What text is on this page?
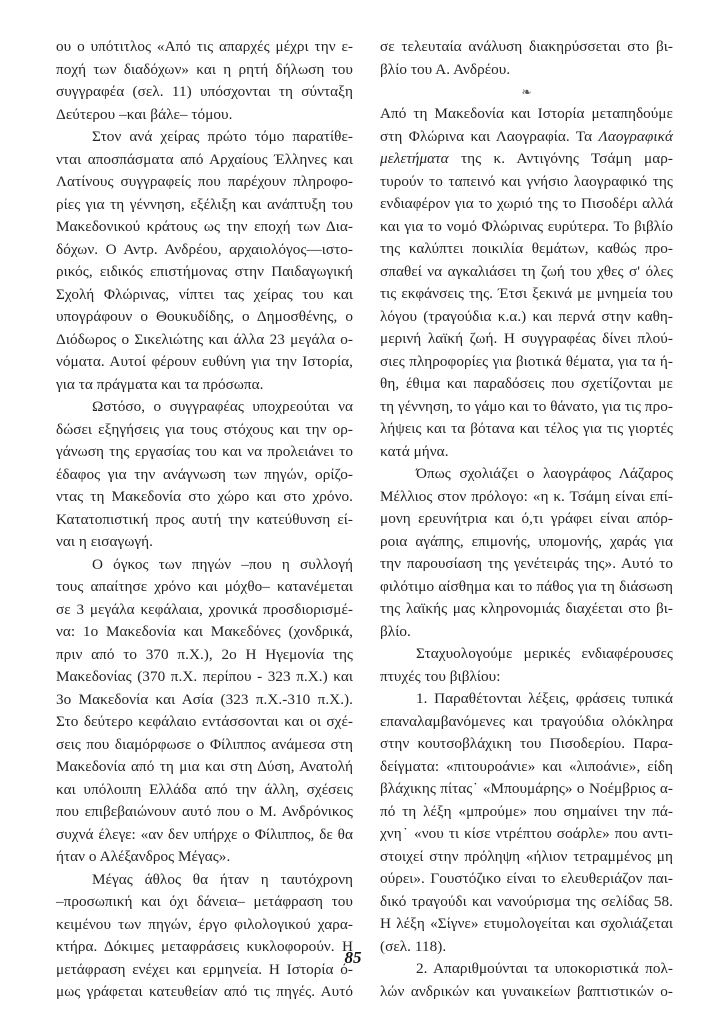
ου ο υπότιτλος «Από τις απαρχές μέχρι την ε-
ποχή των διαδόχων» και η ρητή δήλωση του
συγγραφέα (σελ. 11) υπόσχονται τη σύνταξη
Δεύτερου –και βάλε– τόμου.
Στον ανά χείρας πρώτο τόμο παρατίθε-
νται αποσπάσματα από Αρχαίους Έλληνες και
Λατίνους συγγραφείς που παρέχουν πληροφο-
ρίες για τη γέννηση, εξέλιξη και ανάπτυξη του
Μακεδονικού κράτους ως την εποχή των Δια-
δόχων. Ο Αντρ. Ανδρέου, αρχαιολόγος—ιστο-
ρικός, ειδικός επιστήμονας στην Παιδαγωγική
Σχολή Φλώρινας, νίπτει τας χείρας του και
υπογράφουν ο Θουκυδίδης, ο Δημοσθένης, ο
Διόδωρος ο Σικελιώτης και άλλα 23 μεγάλα ο-
νόματα. Αυτοί φέρουν ευθύνη για την Ιστορία,
για τα πράγματα και τα πρόσωπα.
Ωστόσο, ο συγγραφέας υποχρεούται να
δώσει εξηγήσεις για τους στόχους και την ορ-
γάνωση της εργασίας του και να προλειάνει το
έδαφος για την ανάγνωση των πηγών, ορίζο-
ντας τη Μακεδονία στο χώρο και στο χρόνο.
Κατατοπιστική προς αυτή την κατεύθυνση εί-
ναι η εισαγωγή.
Ο όγκος των πηγών –που η συλλογή
τους απαίτησε χρόνο και μόχθο– κατανέμεται
σε 3 μεγάλα κεφάλαια, χρονικά προσδιορισμέ-
να: 1ο Μακεδονία και Μακεδόνες (χονδρικά,
πριν από το 370 π.Χ.), 2ο Η Ηγεμονία της
Μακεδονίας (370 π.Χ. περίπου - 323 π.Χ.) και
3ο Μακεδονία και Ασία (323 π.Χ.-310 π.Χ.).
Στο δεύτερο κεφάλαιο εντάσσονται και οι σχέ-
σεις που διαμόρφωσε ο Φίλιππος ανάμεσα στη
Μακεδονία από τη μια και στη Δύση, Ανατολή
και υπόλοιπη Ελλάδα από την άλλη, σχέσεις
που επιβεβαιώνουν αυτό που ο Μ. Ανδρόνικος
συχνά έλεγε: «αν δεν υπήρχε ο Φίλιππος, δε θα
ήταν ο Αλέξανδρος Μέγας».
Μέγας άθλος θα ήταν η ταυτόχρονη
–προσωπική και όχι δάνεια– μετάφραση του
κειμένου των πηγών, έργο φιλολογικού χαρα-
κτήρα. Δόκιμες μεταφράσεις κυκλοφορούν. Η
μετάφραση ενέχει και ερμηνεία. Η Ιστορία ό-
μως γράφεται κατευθείαν από τις πηγές. Αυτό
σε τελευταία ανάλυση διακηρύσσεται στο βι-
βλίο του Α. Ανδρέου.
❧
Από τη Μακεδονία και Ιστορία μεταπηδούμε
στη Φλώρινα και Λαογραφία. Τα Λαογραφικά
μελετήματα της κ. Αντιγόνης Τσάμη μαρ-
τυρούν το ταπεινό και γνήσιο λαογραφικό της
ενδιαφέρον για το χωριό της το Πισοδέρι αλλά
και για το νομό Φλώρινας ευρύτερα. Το βιβλίο
της καλύπτει ποικιλία θεμάτων, καθώς προ-
σπαθεί να αγκαλιάσει τη ζωή του χθες σ' όλες
τις εκφάνσεις της. Έτσι ξεκινά με μνημεία του
λόγου (τραγούδια κ.α.) και περνά στην καθη-
μερινή λαϊκή ζωή. Η συγγραφέας δίνει πλού-
σιες πληροφορίες για βιοτικά θέματα, για τα ή-
θη, έθιμα και παραδόσεις που σχετίζονται με
τη γέννηση, το γάμο και το θάνατο, για τις προ-
λήψεις και τα βότανα και τέλος για τις γιορτές
κατά μήνα.
Όπως σχολιάζει ο λαογράφος Λάζαρος
Μέλλιος στον πρόλογο: «η κ. Τσάμη είναι επί-
μονη ερευνήτρια και ό,τι γράφει είναι απόρ-
ροια αγάπης, επιμονής, υπομονής, χαράς για
την παρουσίαση της γενέτειράς της». Αυτό το
φιλότιμο αίσθημα και το πάθος για τη διάσωση
της λαϊκής μας κληρονομιάς διαχέεται στο βι-
βλίο.
Σταχυολογούμε μερικές ενδιαφέρουσες
πτυχές του βιβλίου:
1. Παραθέτονται λέξεις, φράσεις τυπικά
επαναλαμβανόμενες και τραγούδια ολόκληρα
στην κουτσοβλάχικη του Πισοδερίου. Παρα-
δείγματα: «πιτουροάνιε» και «λιποάνιε», είδη
βλάχικης πίτας˙ «Μπουμάρης» ο Νοέμβριος α-
πό τη λέξη «μπρούμε» που σημαίνει την πά-
χνη˙ «νου τι κίσε ντρέπτου σοάρλε» που αντι-
στοιχεί στην πρόληψη «ήλιον τετραμμένος μη
ούρει». Γουστόζικο είναι το ελευθεριάζον παι-
δικό τραγούδι και νανούρισμα της σελίδας 58.
Η λέξη «Σίγνε» ετυμολογείται και σχολιάζεται
(σελ. 118).
2. Απαριθμούνται τα υποκοριστικά πολ-
λών ανδρικών και γυναικείων βαπτιστικών ο-
85
